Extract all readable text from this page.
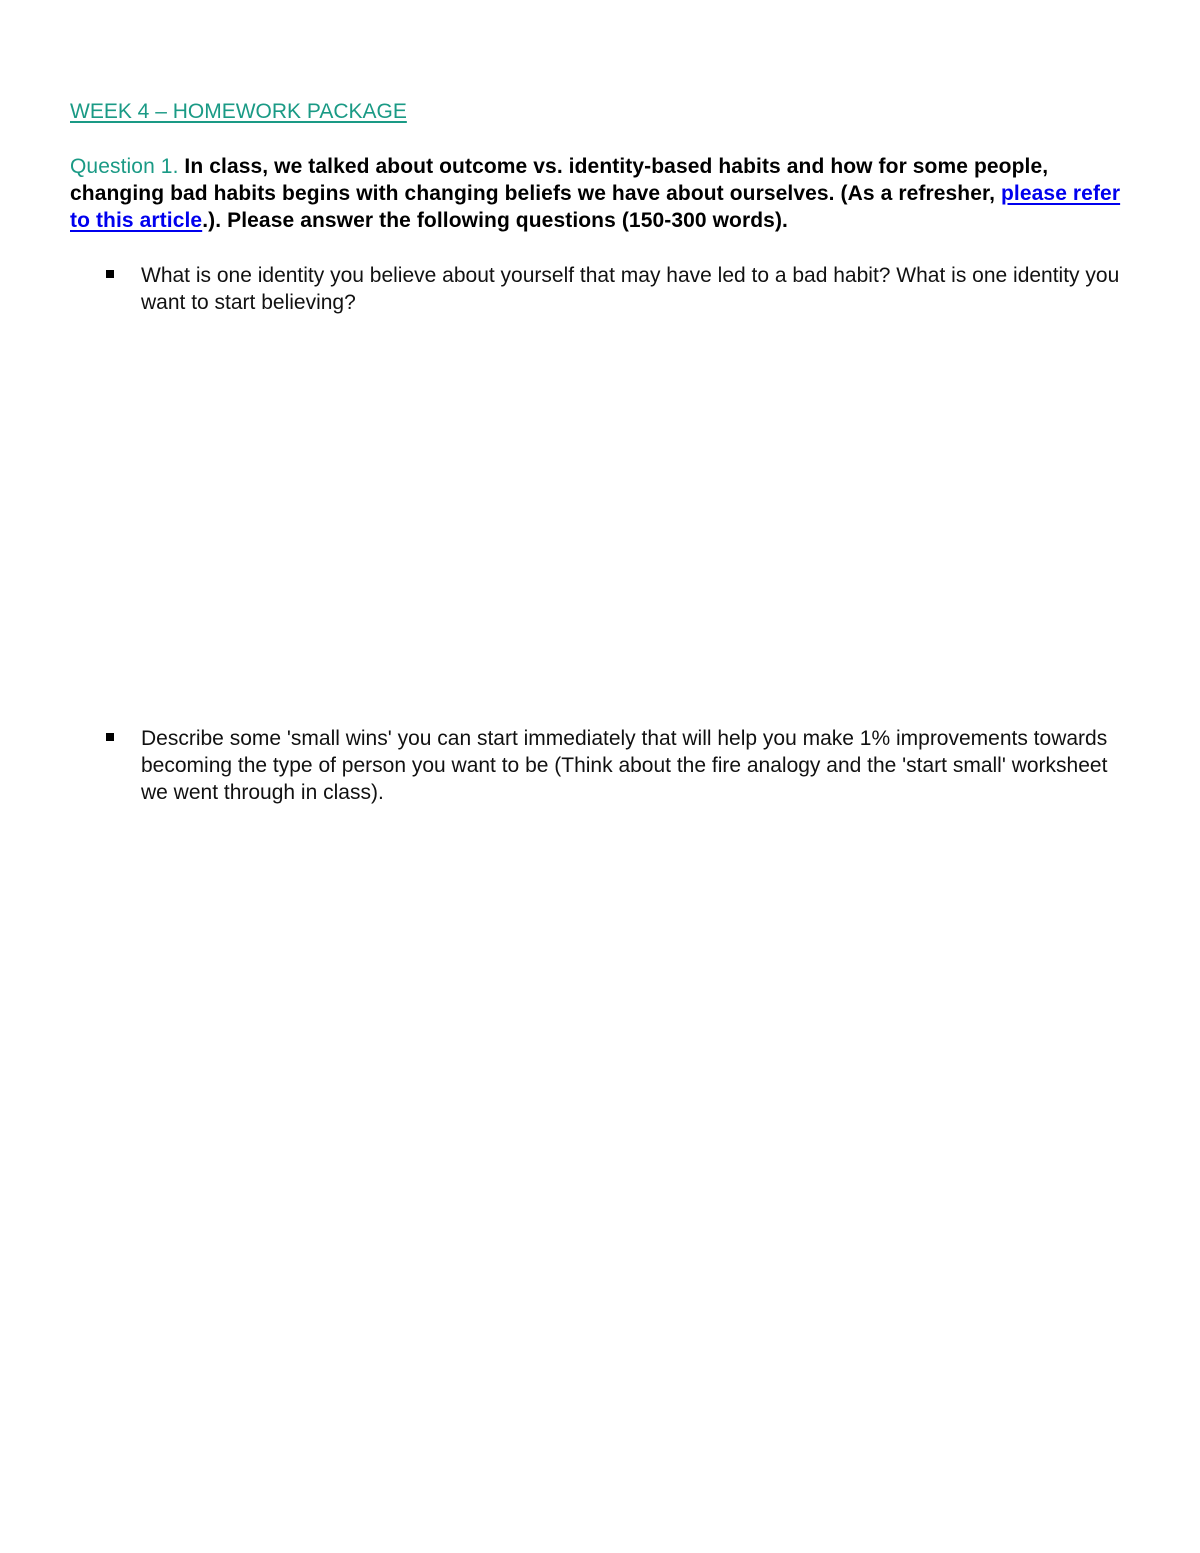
WEEK 4 – HOMEWORK PACKAGE

Question 1. In class, we talked about outcome vs. identity-based habits and how for some people, changing bad habits begins with changing beliefs we have about ourselves. (As a refresher, please refer to this article.). Please answer the following questions (150-300 words).

What is one identity you believe about yourself that may have led to a bad habit? What is one identity you want to start believing?
Describe some 'small wins' you can start immediately that will help you make 1% improvements towards becoming the type of person you want to be (Think about the fire analogy and the 'start small' worksheet we went through in class).
